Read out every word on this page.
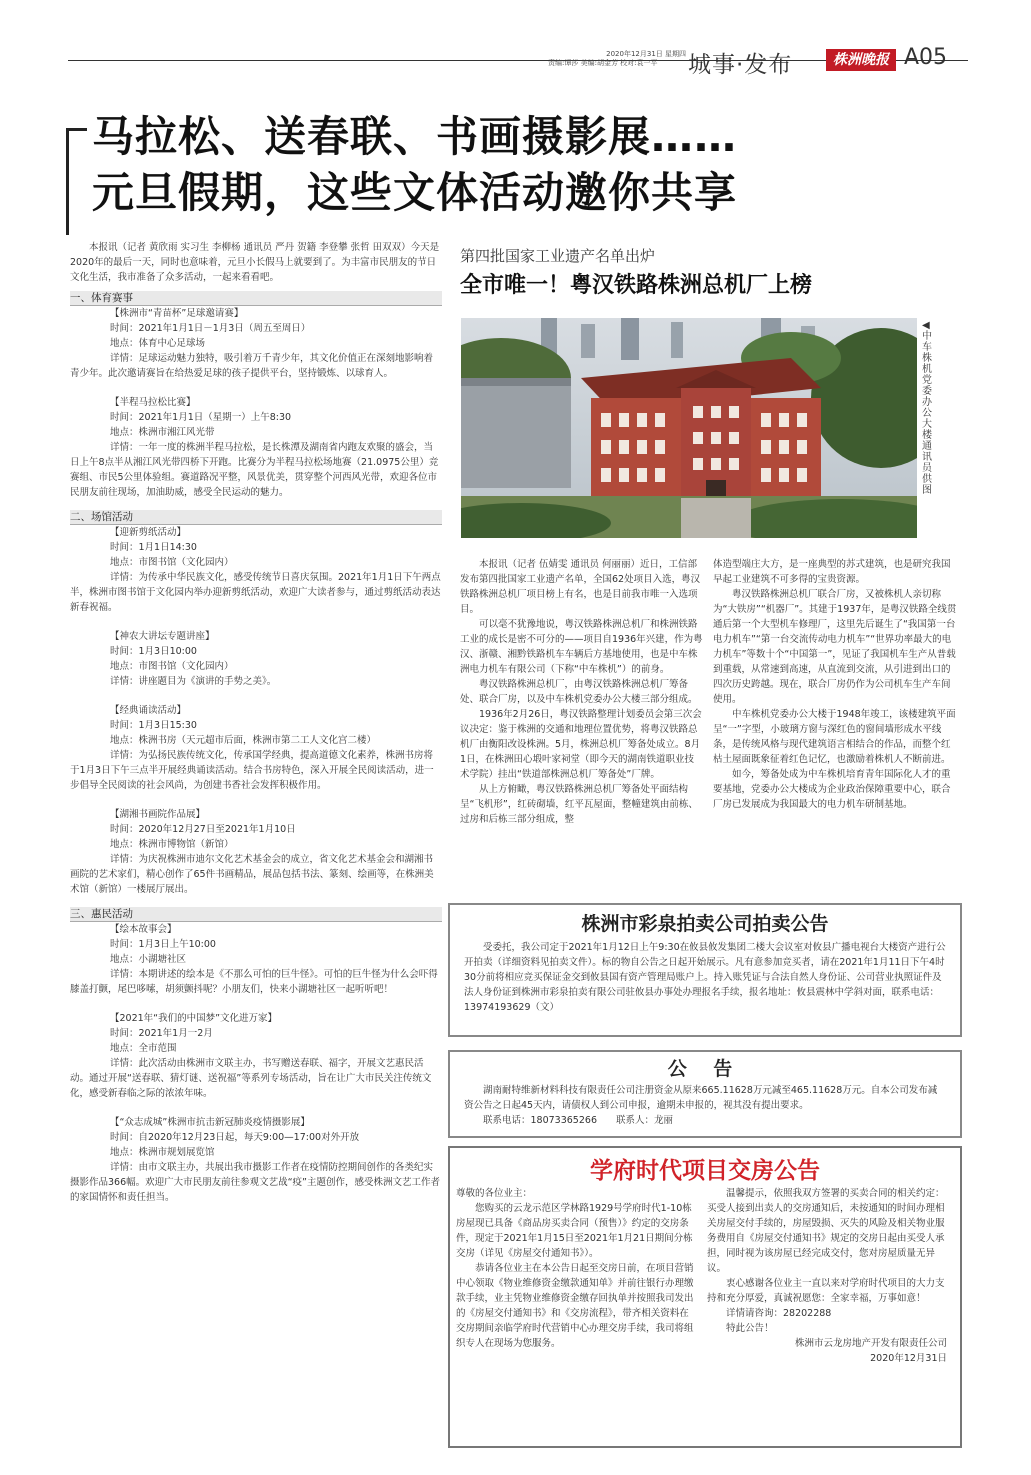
2020年12月31日 星期四
责编:谭莎 美编:胡金芳 校对:袁一平	城事·发布	株洲晚报 A05
马拉松、送春联、书画摄影展……
元旦假期，这些文体活动邀你共享

本报讯（记者 黄欣雨 实习生 李柳杨 通讯员 严丹 贺籍 李登攀 张哲 田双双）今天是2020年的最后一天，同时也意味着，元旦小长假马上就要到了。为丰富市民朋友的节日文化生活，我市准备了众多活动，一起来看看吧。

一、体育赛事

【株洲市“青苗杯”足球邀请赛】

时间：2021年1月1日－1月3日（周五至周日）

地点：体育中心足球场

详情：足球运动魅力独特，吸引着万千青少年，其文化价值正在深刻地影响着青少年。此次邀请赛旨在给热爱足球的孩子提供平台，坚持锻炼、以球育人。

【半程马拉松比赛】

时间：2021年1月1日（星期一）上午8:30

地点：株洲市湘江风光带

详情：一年一度的株洲半程马拉松，是长株潭及湖南省内跑友欢聚的盛会，当日上午8点半从湘江风光带四桥下开跑。比赛分为半程马拉松场地赛（21.0975公里）竞赛组、市民5公里体验组。赛道路况平整，风景优美，贯穿整个河西风光带，欢迎各位市民朋友前往现场，加油助威，感受全民运动的魅力。

二、场馆活动

【迎新剪纸活动】

时间：1月1日14:30

地点：市图书馆（文化园内）

详情：为传承中华民族文化，感受传统节日喜庆氛围。2021年1月1日下午两点半，株洲市图书馆于文化园内举办迎新剪纸活动，欢迎广大读者参与，通过剪纸活动表达新春祝福。

【神农大讲坛专题讲座】

时间：1月3日10:00

地点：市图书馆（文化园内）

详情：讲座题目为《演讲的手势之美》。

【经典诵读活动】

时间：1月3日15:30

地点：株洲书房（天元超市后面，株洲市第二工人文化宫二楼）

详情：为弘扬民族传统文化，传承国学经典，提高道德文化素养，株洲书房将于1月3日下午三点半开展经典诵读活动。结合书房特色，深入开展全民阅读活动，进一步倡导全民阅读的社会风尚，为创建书香社会发挥积极作用。

【湖湘书画院作品展】

时间：2020年12月27日至2021年1月10日

地点：株洲市博物馆（新馆）

详情：为庆祝株洲市迪尔文化艺术基金会的成立，省文化艺术基金会和湖湘书画院的艺术家们，精心创作了65件书画精品，展品包括书法、篆刻、绘画等，在株洲美术馆（新馆）一楼展厅展出。

三、惠民活动

【绘本故事会】

时间：1月3日上午10:00

地点：小湖塘社区

详情：本期讲述的绘本是《不那么可怕的巨牛怪》。可怕的巨牛怪为什么会吓得膝盖打颤，尾巴哆嗦，胡须颤抖呢？小朋友们，快来小湖塘社区一起听听吧！

【2021年“我们的中国梦”文化进万家】

时间：2021年1月一2月

地点：全市范围

详情：此次活动由株洲市文联主办，书写赠送春联、福字，开展文艺惠民活动。通过开展“送春联、猜灯谜、送祝福”等系列专场活动，旨在让广大市民关注传统文化，感受新春临之际的浓浓年味。

【“众志成城”株洲市抗击新冠肺炎疫情摄影展】

时间：自2020年12月23日起，每天9:00—17:00对外开放

地点：株洲市规划展览馆

详情：由市文联主办，共展出我市摄影工作者在疫情防控期间创作的各类纪实摄影作品366幅。欢迎广大市民朋友前往参观文艺战“疫”主题创作，感受株洲文艺工作者的家国情怀和责任担当。

第四批国家工业遗产名单出炉
全市唯一！粤汉铁路株洲总机厂上榜
◀中车株机党委办公大楼 通讯员供图

本报讯（记者 伍婧雯 通讯员 何丽丽）近日，工信部发布第四批国家工业遗产名单，全国62处项目入选，粤汉铁路株洲总机厂项目榜上有名，也是目前我市唯一入选项目。

可以毫不犹豫地说，粤汉铁路株洲总机厂和株洲铁路工业的成长是密不可分的——项目自1936年兴建，作为粤汉、浙赣、湘黔铁路机车车辆后方基地使用，也是中车株洲电力机车有限公司（下称“中车株机”）的前身。

粤汉铁路株洲总机厂，由粤汉铁路株洲总机厂筹备处、联合厂房，以及中车株机党委办公大楼三部分组成。

1936年2月26日，粤汉铁路整理计划委员会第三次会议决定：鉴于株洲的交通和地理位置优势，将粤汉铁路总机厂由衡阳改设株洲。5月，株洲总机厂筹备处成立。8月1日，在株洲田心塅叶家祠堂（即今天的湖南铁道职业技术学院）挂出“铁道部株洲总机厂筹备处”厂牌。

从上方俯瞰，粤汉铁路株洲总机厂筹备处平面结构呈“飞机形”，红砖砌墙，红平瓦屋面，整幢建筑由前栋、过房和后栋三部分组成，整

体造型端庄大方，是一座典型的苏式建筑，也是研究我国早起工业建筑不可多得的宝贵资源。

粤汉铁路株洲总机厂联合厂房，又被株机人亲切称为“大铁房”“机器厂”。其建于1937年，是粤汉铁路全线贯通后第一个大型机车修理厂，这里先后诞生了“我国第一台电力机车”“第一台交流传动电力机车”“世界功率最大的电力机车”等数十个“中国第一”，见证了我国机车生产从普载到重载，从常速到高速，从直流到交流，从引进到出口的四次历史跨越。现在，联合厂房仍作为公司机车生产车间使用。

中车株机党委办公大楼于1948年竣工，该楼建筑平面呈“一”字型，小玻璃方窗与深红色的窗间墙形成水平线条，是传统风格与现代建筑语言相结合的作品，而整个红枯土屋面既象征着红色记忆，也激励着株机人不断前进。

如今，筹备处成为中车株机培育青年国际化人才的重要基地，党委办公大楼成为企业政治保障重要中心，联合厂房已发展成为我国最大的电力机车研制基地。

株洲市彩泉拍卖公司拍卖公告

受委托，我公司定于2021年1月12日上午9:30在攸县攸发集团二楼大会议室对攸县广播电视台大楼资产进行公开拍卖（详细资料见拍卖文件）。标的物自公告之日起开始展示。凡有意参加竞买者，请在2021年1月11日下午4时30分前将相应竞买保证金交到攸县国有资产管理局账户上。持入账凭证与合法自然人身份证、公司营业执照证件及法人身份证到株洲市彩泉拍卖有限公司驻攸县办事处办理报名手续，报名地址：攸县震林中学斜对面，联系电话：13974193629（文）

公 告

湖南耐特维新材料科技有限责任公司注册资金从原来665.11628万元减至465.11628万元。自本公司发布减资公告之日起45天内，请债权人到公司申报，逾期未申报的，视其没有提出要求。

联系电话：18073365266　　联系人：龙丽

学府时代项目交房公告

尊敬的各位业主：

您购买的云龙示范区学林路1929号学府时代1-10栋房屋现已具备《商品房买卖合同（预售）》约定的交房条件，现定于2021年1月15日至2021年1月21日期间分栋交房（详见《房屋交付通知书》）。

恭请各位业主在本公告日起至交房日前，在项目营销中心领取《物业维修资金缴款通知单》并前往银行办理缴款手续，业主凭物业维修资金缴存回执单并按照我司发出的《房屋交付通知书》和《交房流程》，带齐相关资料在交房期间亲临学府时代营销中心办理交房手续，我司将组织专人在现场为您服务。

温馨提示，依照我双方签署的买卖合同的相关约定：买受人接到出卖人的交房通知后，未按通知的时间办理相关房屋交付手续的，房屋毁损、灭失的风险及相关物业服务费用自《房屋交付通知书》规定的交房日起由买受人承担，同时视为该房屋已经完成交付，您对房屋质量无异议。

衷心感谢各位业主一直以来对学府时代项目的大力支持和充分厚爱，真诚祝愿您：全家幸福，万事如意！

详情请咨询：28202288

特此公告！

株洲市云龙房地产开发有限责任公司

2020年12月31日
